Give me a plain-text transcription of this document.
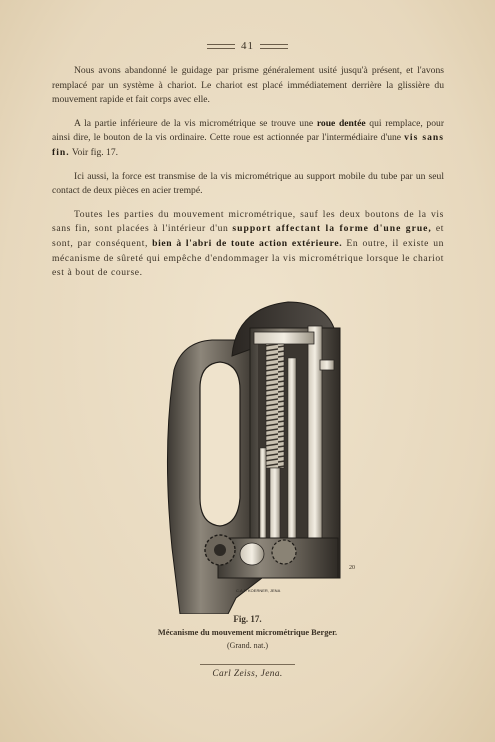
41

Nous avons abandonné le guidage par prisme généralement usité jusqu'à présent, et l'avons remplacé par un système à chariot. Le chariot est placé immédiatement derrière la glissière du mouvement rapide et fait corps avec elle.

A la partie inférieure de la vis micrométrique se trouve une roue dentée qui remplace, pour ainsi dire, le bouton de la vis ordinaire. Cette roue est actionnée par l'intermédiaire d'une vis sans fin. Voir fig. 17.

Ici aussi, la force est transmise de la vis micrométrique au support mobile du tube par un seul contact de deux pièces en acier trempé.

Toutes les parties du mouvement micrométrique, sauf les deux boutons de la vis sans fin, sont placées à l'intérieur d'un support affectant la forme d'une grue, et sont, par conséquent, bien à l'abri de toute action extérieure. En outre, il existe un mécanisme de sûreté qui empêche d'endommager la vis micrométrique lorsque le chariot est à bout de course.

C.A.F. KOERNER, JENA
20
Fig. 17.
Mécanisme du mouvement micrométrique Berger.
(Grand. nat.)
Carl Zeiss, Jena.
